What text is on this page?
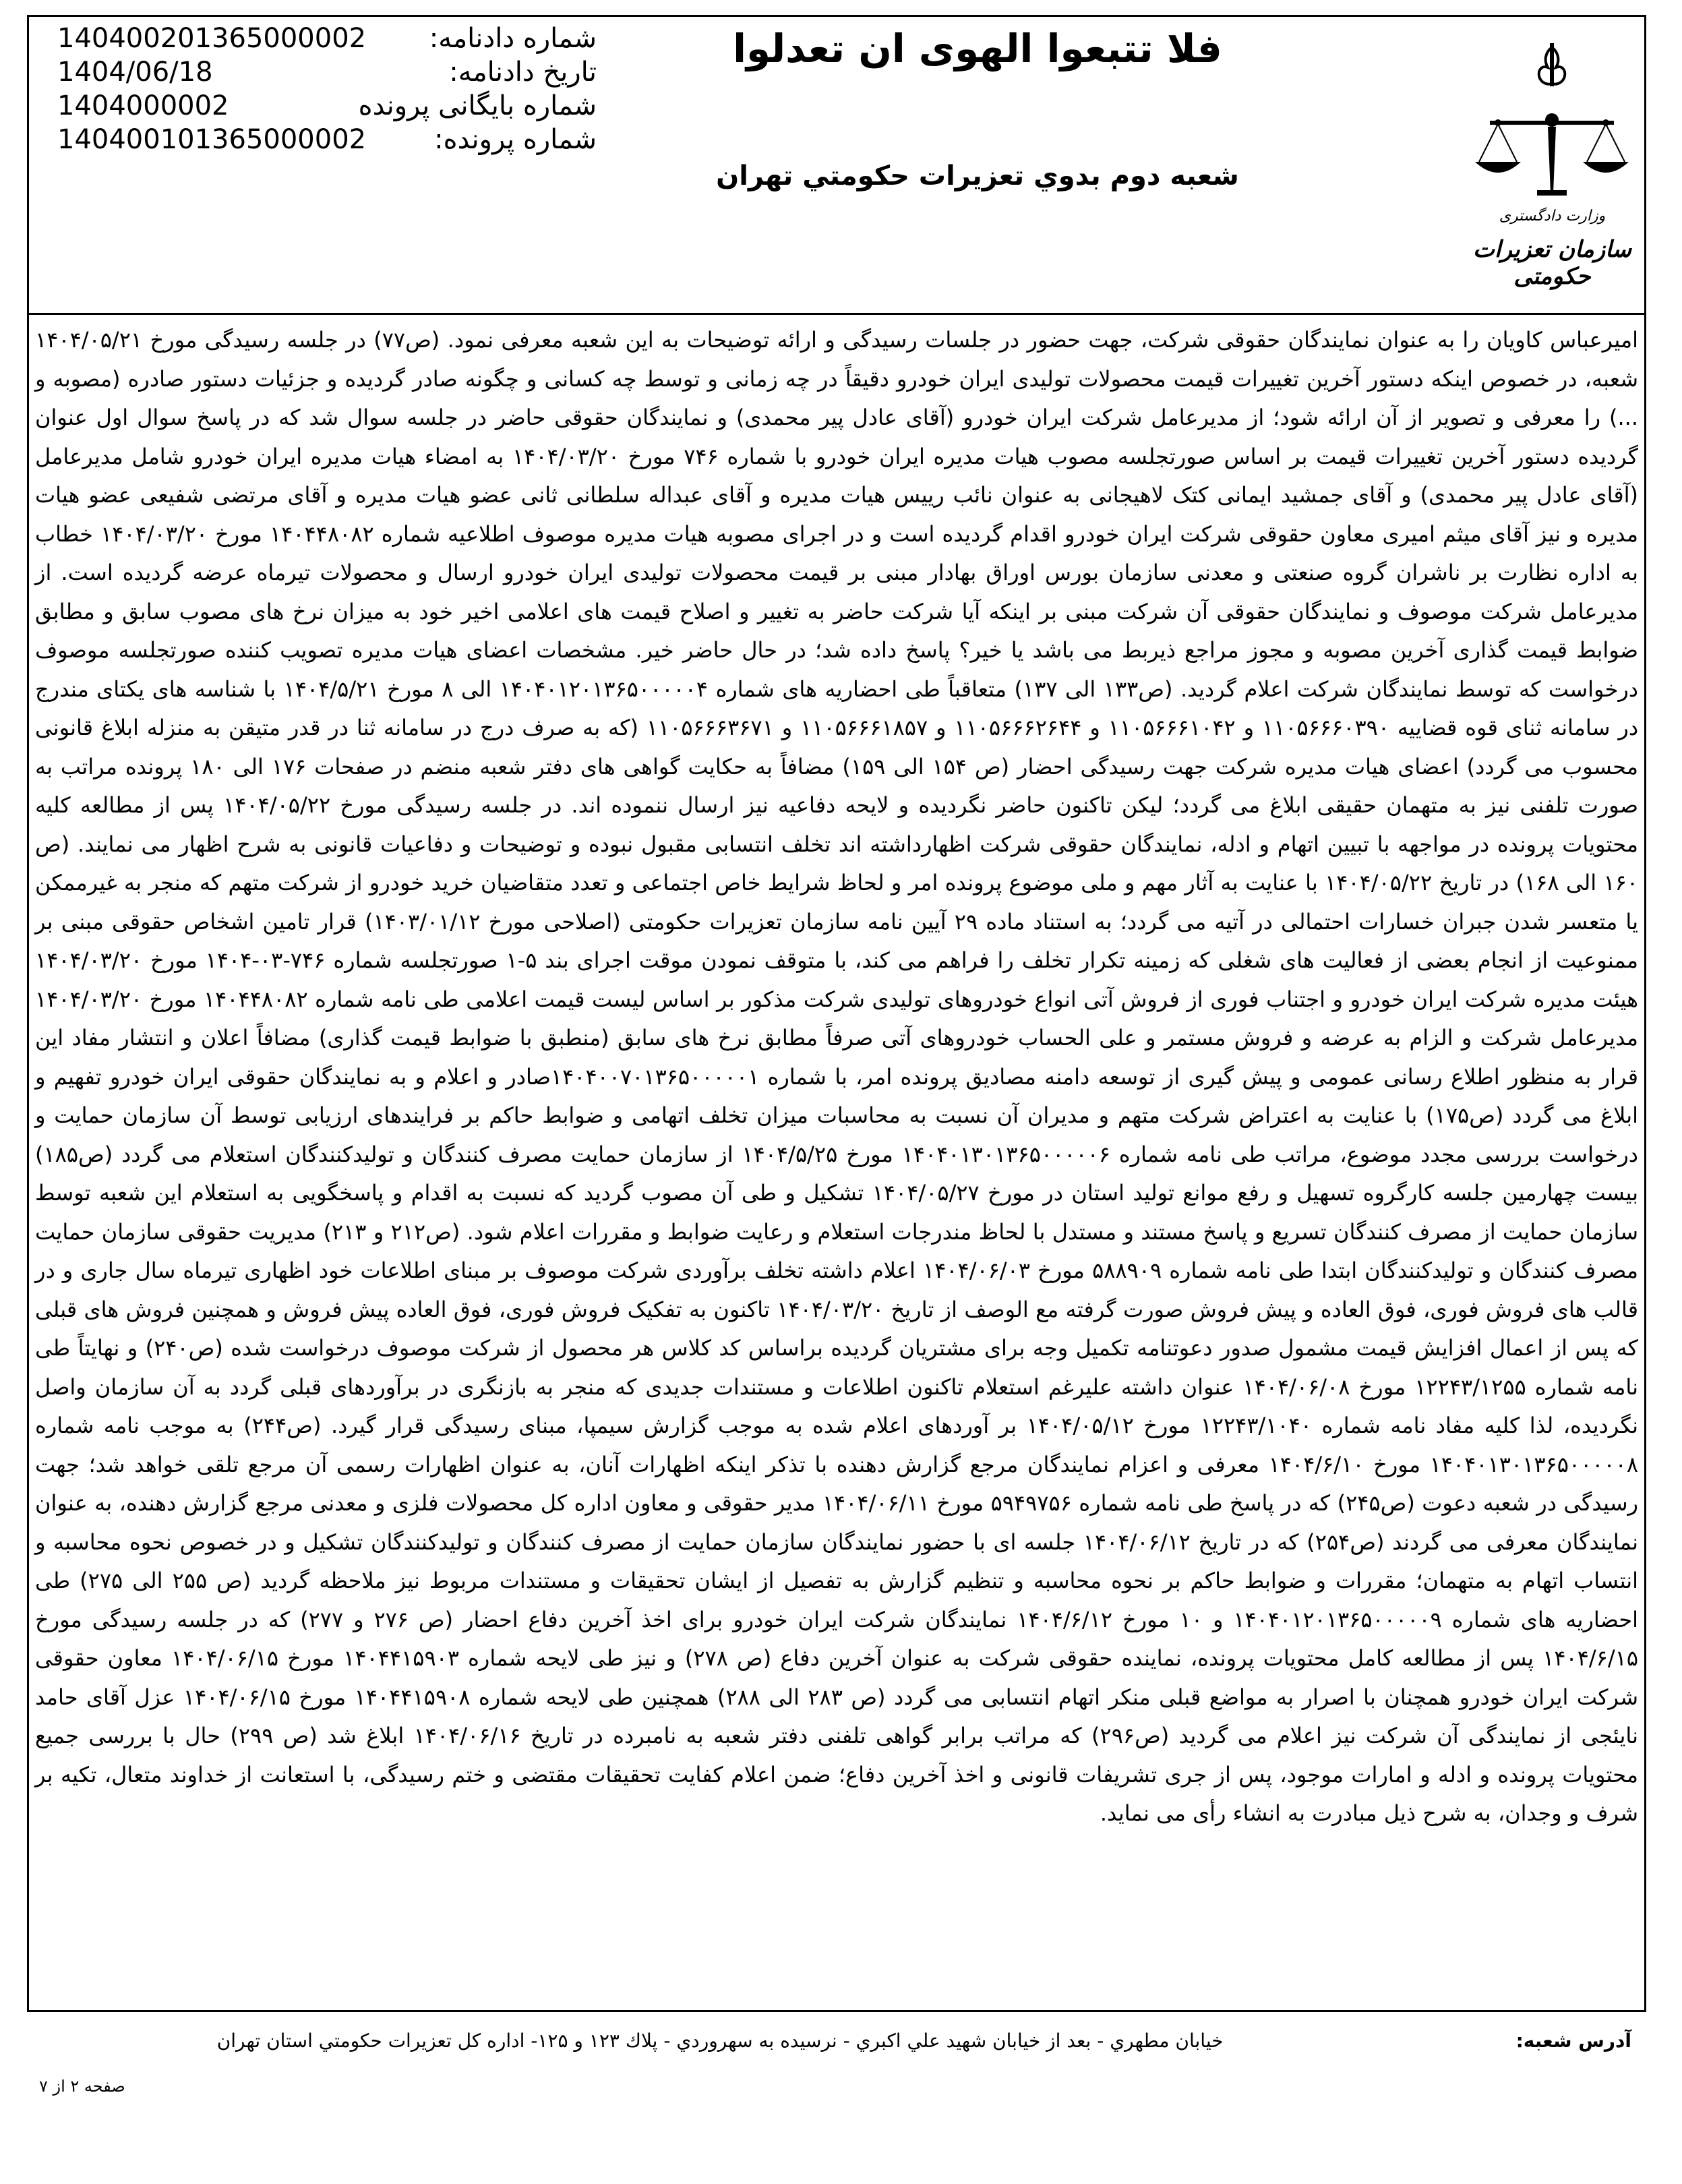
شماره دادنامه:
140400201365000002
تاریخ دادنامه:
1404/06/18
شماره بایگانی پرونده
1404000002
شماره پرونده:
140400101365000002
فلا تتبعوا الهوی ان تعدلوا
شعبه دوم بدوي تعزیرات حکومتي تهران
وزارت دادگستری
سازمان تعزیرات حکومتی

امیرعباس کاویان را به عنوان نمایندگان حقوقی شرکت، جهت حضور در جلسات رسیدگی و ارائه توضیحات به این شعبه معرفی نمود. (ص۷۷) در جلسه رسیدگی مورخ ۱۴۰۴/۰۵/۲۱ شعبه، در خصوص اینکه دستور آخرین تغییرات قیمت محصولات تولیدی ایران خودرو دقیقاً در چه زمانی و توسط چه کسانی و چگونه صادر گردیده و جزئیات دستور صادره (مصوبه و ...) را معرفی و تصویر از آن ارائه شود؛ از مدیرعامل شرکت ایران خودرو (آقای عادل پیر محمدی) و نمایندگان حقوقی حاضر در جلسه سوال شد که در پاسخ سوال اول عنوان گردیده دستور آخرین تغییرات قیمت بر اساس صورتجلسه مصوب هیات مدیره ایران خودرو با شماره ۷۴۶ مورخ ۱۴۰۴/۰۳/۲۰ به امضاء هیات مدیره ایران خودرو شامل مدیرعامل (آقای عادل پیر محمدی) و آقای جمشید ایمانی کتک لاهیجانی به عنوان نائب رییس هیات مدیره و آقای عبداله سلطانی ثانی عضو هیات مدیره و آقای مرتضی شفیعی عضو هیات مدیره و نیز آقای میثم امیری معاون حقوقی شرکت ایران خودرو اقدام گردیده است و در اجرای مصوبه هیات مدیره موصوف اطلاعیه شماره ۱۴۰۴۴۸۰۸۲ مورخ ۱۴۰۴/۰۳/۲۰ خطاب به اداره نظارت بر ناشران گروه صنعتی و معدنی سازمان بورس اوراق بهادار مبنی بر قیمت محصولات تولیدی ایران خودرو ارسال و محصولات تیرماه عرضه گردیده است. از مدیرعامل شرکت موصوف و نمایندگان حقوقی آن شرکت مبنی بر اینکه آیا شرکت حاضر به تغییر و اصلاح قیمت های اعلامی اخیر خود به میزان نرخ های مصوب سابق و مطابق ضوابط قیمت گذاری آخرین مصوبه و مجوز مراجع ذیربط می باشد یا خیر؟ پاسخ داده شد؛ در حال حاضر خیر. مشخصات اعضای هیات مدیره تصویب کننده صورتجلسه موصوف درخواست که توسط نمایندگان شرکت اعلام گردید. (ص۱۳۳ الی ۱۳۷) متعاقباً طی احضاریه های شماره ۱۴۰۴۰۱۲۰۱۳۶۵۰۰۰۰۰۴ الی ۸ مورخ ۱۴۰۴/۵/۲۱ با شناسه های یکتای مندرج در سامانه ثنای قوه قضاییه ۱۱۰۵۶۶۶۰۳۹۰ و ۱۱۰۵۶۶۶۱۰۴۲ و ۱۱۰۵۶۶۶۲۶۴۴ و ۱۱۰۵۶۶۶۱۸۵۷ و ۱۱۰۵۶۶۶۳۶۷۱ (که به صرف درج در سامانه ثنا در قدر متیقن به منزله ابلاغ قانونی محسوب می گردد) اعضای هیات مدیره شرکت جهت رسیدگی احضار (ص ۱۵۴ الی ۱۵۹) مضافاً به حکایت گواهی های دفتر شعبه منضم در صفحات ۱۷۶ الی ۱۸۰ پرونده مراتب به صورت تلفنی نیز به متهمان حقیقی ابلاغ می گردد؛ لیکن تاکنون حاضر نگردیده و لایحه دفاعیه نیز ارسال ننموده اند. در جلسه رسیدگی مورخ ۱۴۰۴/۰۵/۲۲ پس از مطالعه کلیه محتویات پرونده در مواجهه با تبیین اتهام و ادله، نمایندگان حقوقی شرکت اظهارداشته اند تخلف انتسابی مقبول نبوده و توضیحات و دفاعیات قانونی به شرح اظهار می نمایند. (ص ۱۶۰ الی ۱۶۸) در تاریخ ۱۴۰۴/۰۵/۲۲ با عنایت به آثار مهم و ملی موضوع پرونده امر و لحاظ شرایط خاص اجتماعی و تعدد متقاضیان خرید خودرو از شرکت متهم که منجر به غیرممکن یا متعسر شدن جبران خسارات احتمالی در آتیه می گردد؛ به استناد ماده ۲۹ آیین نامه سازمان تعزیرات حکومتی (اصلاحی مورخ ۱۴۰۳/۰۱/۱۲) قرار تامین اشخاص حقوقی مبنی بر ممنوعیت از انجام بعضی از فعالیت های شغلی که زمینه تکرار تخلف را فراهم می کند، با متوقف نمودن موقت اجرای بند ۵-۱ صورتجلسه شماره ۷۴۶-۰۳-۱۴۰۴ مورخ ۱۴۰۴/۰۳/۲۰ هیئت مدیره شرکت ایران خودرو و اجتناب فوری از فروش آتی انواع خودروهای تولیدی شرکت مذکور بر اساس لیست قیمت اعلامی طی نامه شماره ۱۴۰۴۴۸۰۸۲ مورخ ۱۴۰۴/۰۳/۲۰ مدیرعامل شرکت و الزام به عرضه و فروش مستمر و علی الحساب خودروهای آتی صرفاً مطابق نرخ های سابق (منطبق با ضوابط قیمت گذاری) مضافاً اعلان و انتشار مفاد این قرار به منظور اطلاع رسانی عمومی و پیش گیری از توسعه دامنه مصادیق پرونده امر، با شماره ۱۴۰۴۰۰۷۰۱۳۶۵۰۰۰۰۰۱صادر و اعلام و به نمایندگان حقوقی ایران خودرو تفهیم و ابلاغ می گردد (ص۱۷۵) با عنایت به اعتراض شرکت متهم و مدیران آن نسبت به محاسبات میزان تخلف اتهامی و ضوابط حاکم بر فرایندهای ارزیابی توسط آن سازمان حمایت و درخواست بررسی مجدد موضوع، مراتب طی نامه شماره ۱۴۰۴۰۱۳۰۱۳۶۵۰۰۰۰۰۶ مورخ ۱۴۰۴/۵/۲۵ از سازمان حمایت مصرف کنندگان و تولیدکنندگان استعلام می گردد (ص۱۸۵) بیست چهارمین جلسه کارگروه تسهیل و رفع موانع تولید استان در مورخ ۱۴۰۴/۰۵/۲۷ تشکیل و طی آن مصوب گردید که نسبت به اقدام و پاسخگویی به استعلام این شعبه توسط سازمان حمایت از مصرف کنندگان تسریع و پاسخ مستند و مستدل با لحاظ مندرجات استعلام و رعایت ضوابط و مقررات اعلام شود. (ص۲۱۲ و ۲۱۳) مدیریت حقوقی سازمان حمایت مصرف کنندگان و تولیدکنندگان ابتدا طی نامه شماره ۵۸۸۹۰۹ مورخ ۱۴۰۴/۰۶/۰۳ اعلام داشته تخلف برآوردی شرکت موصوف بر مبنای اطلاعات خود اظهاری تیرماه سال جاری و در قالب های فروش فوری، فوق العاده و پیش فروش صورت گرفته مع الوصف از تاریخ ۱۴۰۴/۰۳/۲۰ تاکنون به تفکیک فروش فوری، فوق العاده پیش فروش و همچنین فروش های قبلی که پس از اعمال افزایش قیمت مشمول صدور دعوتنامه تکمیل وجه برای مشتریان گردیده براساس کد کلاس هر محصول از شرکت موصوف درخواست شده (ص۲۴۰) و نهایتاً طی نامه شماره ۱۲۲۴۳/۱۲۵۵ مورخ ۱۴۰۴/۰۶/۰۸ عنوان داشته علیرغم استعلام تاکنون اطلاعات و مستندات جدیدی که منجر به بازنگری در برآوردهای قبلی گردد به آن سازمان واصل نگردیده، لذا کلیه مفاد نامه شماره ۱۲۲۴۳/۱۰۴۰ مورخ ۱۴۰۴/۰۵/۱۲ بر آوردهای اعلام شده به موجب گزارش سیمپا، مبنای رسیدگی قرار گیرد. (ص۲۴۴) به موجب نامه شماره ۱۴۰۴۰۱۳۰۱۳۶۵۰۰۰۰۰۸ مورخ ۱۴۰۴/۶/۱۰ معرفی و اعزام نمایندگان مرجع گزارش دهنده با تذکر اینکه اظهارات آنان، به عنوان اظهارات رسمی آن مرجع تلقی خواهد شد؛ جهت رسیدگی در شعبه دعوت (ص۲۴۵) که در پاسخ طی نامه شماره ۵۹۴۹۷۵۶ مورخ ۱۴۰۴/۰۶/۱۱ مدیر حقوقی و معاون اداره کل محصولات فلزی و معدنی مرجع گزارش دهنده، به عنوان نمایندگان معرفی می گردند (ص۲۵۴) که در تاریخ ۱۴۰۴/۰۶/۱۲ جلسه ای با حضور نمایندگان سازمان حمایت از مصرف کنندگان و تولیدکنندگان تشکیل و در خصوص نحوه محاسبه و انتساب اتهام به متهمان؛ مقررات و ضوابط حاکم بر نحوه محاسبه و تنظیم گزارش به تفصیل از ایشان تحقیقات و مستندات مربوط نیز ملاحظه گردید (ص ۲۵۵ الی ۲۷۵) طی احضاریه های شماره ۱۴۰۴۰۱۲۰۱۳۶۵۰۰۰۰۰۹ و ۱۰ مورخ ۱۴۰۴/۶/۱۲ نمایندگان شرکت ایران خودرو برای اخذ آخرین دفاع احضار (ص ۲۷۶ و ۲۷۷) که در جلسه رسیدگی مورخ ۱۴۰۴/۶/۱۵ پس از مطالعه کامل محتویات پرونده، نماینده حقوقی شرکت به عنوان آخرین دفاع (ص ۲۷۸) و نیز طی لایحه شماره ۱۴۰۴۴۱۵۹۰۳ مورخ ۱۴۰۴/۰۶/۱۵ معاون حقوقی شرکت ایران خودرو همچنان با اصرار به مواضع قبلی منکر اتهام انتسابی می گردد (ص ۲۸۳ الی ۲۸۸) همچنین طی لایحه شماره ۱۴۰۴۴۱۵۹۰۸ مورخ ۱۴۰۴/۰۶/۱۵ عزل آقای حامد نایئجی از نمایندگی آن شرکت نیز اعلام می گردید (ص۲۹۶) که مراتب برابر گواهی تلفنی دفتر شعبه به نامبرده در تاریخ ۱۴۰۴/۰۶/۱۶ ابلاغ شد (ص ۲۹۹) حال با بررسی جمیع محتویات پرونده و ادله و امارات موجود، پس از جری تشریفات قانونی و اخذ آخرین دفاع؛ ضمن اعلام کفایت تحقیقات مقتضی و ختم رسیدگی، با استعانت از خداوند متعال، تکیه بر شرف و وجدان، به شرح ذیل مبادرت به انشاء رأی می نماید.

آدرس شعبه:
خیابان مطهري - بعد از خیابان شهید علي اکبري - نرسیده به سهروردي - پلاك ۱۲۳ و ۱۲۵- اداره کل تعزیرات حکومتي استان تهران
صفحه ۲ از ۷
